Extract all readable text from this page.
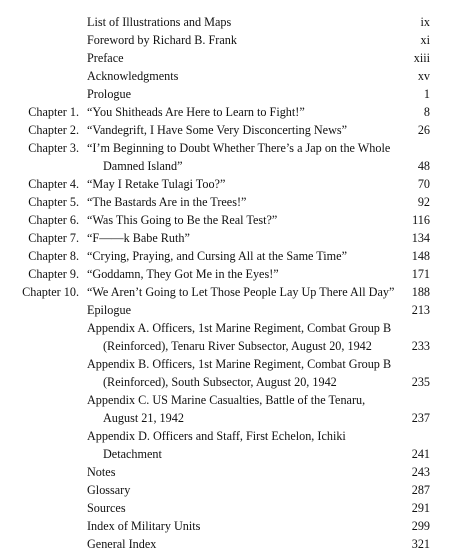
List of Illustrations and Maps	ix
Foreword by Richard B. Frank	xi
Preface	xiii
Acknowledgments	xv
Prologue	1
Chapter 1. “You Shitheads Are Here to Learn to Fight!”	8
Chapter 2. “Vandegrift, I Have Some Very Disconcerting News”	26
Chapter 3. “I’m Beginning to Doubt Whether There’s a Jap on the Whole
Damned Island”	48
Chapter 4. “May I Retake Tulagi Too?”	70
Chapter 5. “The Bastards Are in the Trees!”	92
Chapter 6. “Was This Going to Be the Real Test?”	116
Chapter 7. “F——k Babe Ruth”	134
Chapter 8. “Crying, Praying, and Cursing All at the Same Time”	148
Chapter 9. “Goddamn, They Got Me in the Eyes!”	171
Chapter 10. “We Aren’t Going to Let Those People Lay Up There All Day” 188
Epilogue	213
Appendix A. Officers, 1st Marine Regiment, Combat Group B
(Reinforced), Tenaru River Subsector, August 20, 1942	233
Appendix B. Officers, 1st Marine Regiment, Combat Group B
(Reinforced), South Subsector, August 20, 1942	235
Appendix C. US Marine Casualties, Battle of the Tenaru,
August 21, 1942	237
Appendix D. Officers and Staff, First Echelon, Ichiki
Detachment	241
Notes	243
Glossary	287
Sources	291
Index of Military Units	299
General Index	321
